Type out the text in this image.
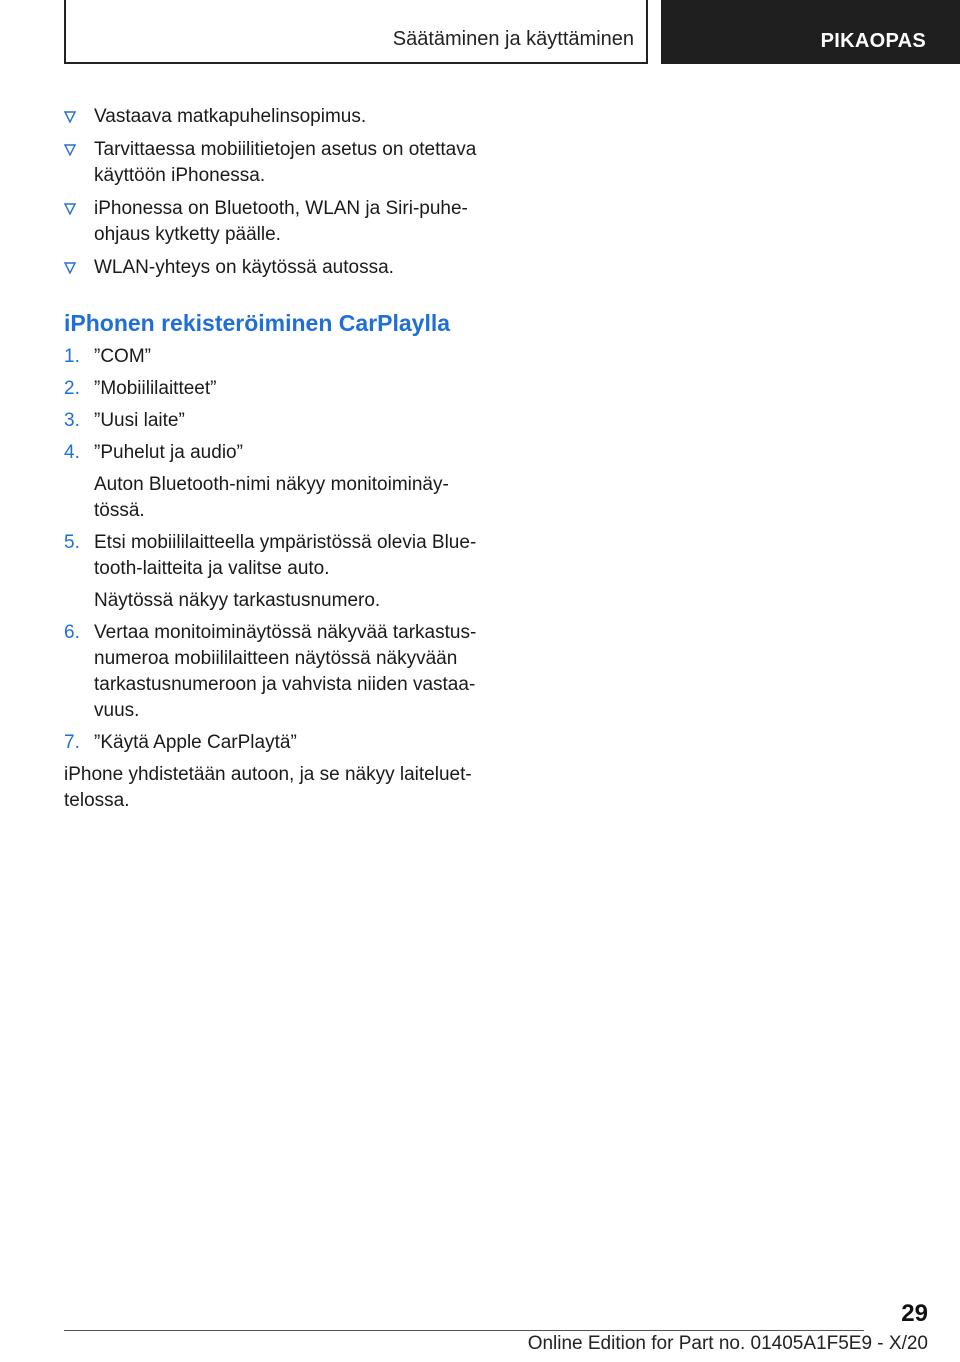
Säätäminen ja käyttäminen	PIKAOPAS
Vastaava matkapuhelinsopimus.
Tarvittaessa mobiilitietojen asetus on otettava käyttöön iPhonessa.
iPhonessa on Bluetooth, WLAN ja Siri-puheohjaus kytketty päälle.
WLAN-yhteys on käytössä autossa.
iPhonen rekisteröiminen CarPlaylla
1. ”COM”
2. ”Mobiililaitteet”
3. ”Uusi laite”
4. ”Puhelut ja audio”
Auton Bluetooth-nimi näkyy monitoiminäytössä.
5. Etsi mobiililaitteella ympäristössä olevia Bluetooth-laitteita ja valitse auto.
Näytössä näkyy tarkastusnumero.
6. Vertaa monitoiminäytössä näkyvää tarkastusnumeroa mobiililaitteen näytössä näkyvään tarkastusnumeroon ja vahvista niiden vastaavuus.
7. ”Käytä Apple CarPlaytä”
iPhone yhdistetään autoon, ja se näkyy laiteluettelossa.
29
Online Edition for Part no. 01405A1F5E9 - X/20
